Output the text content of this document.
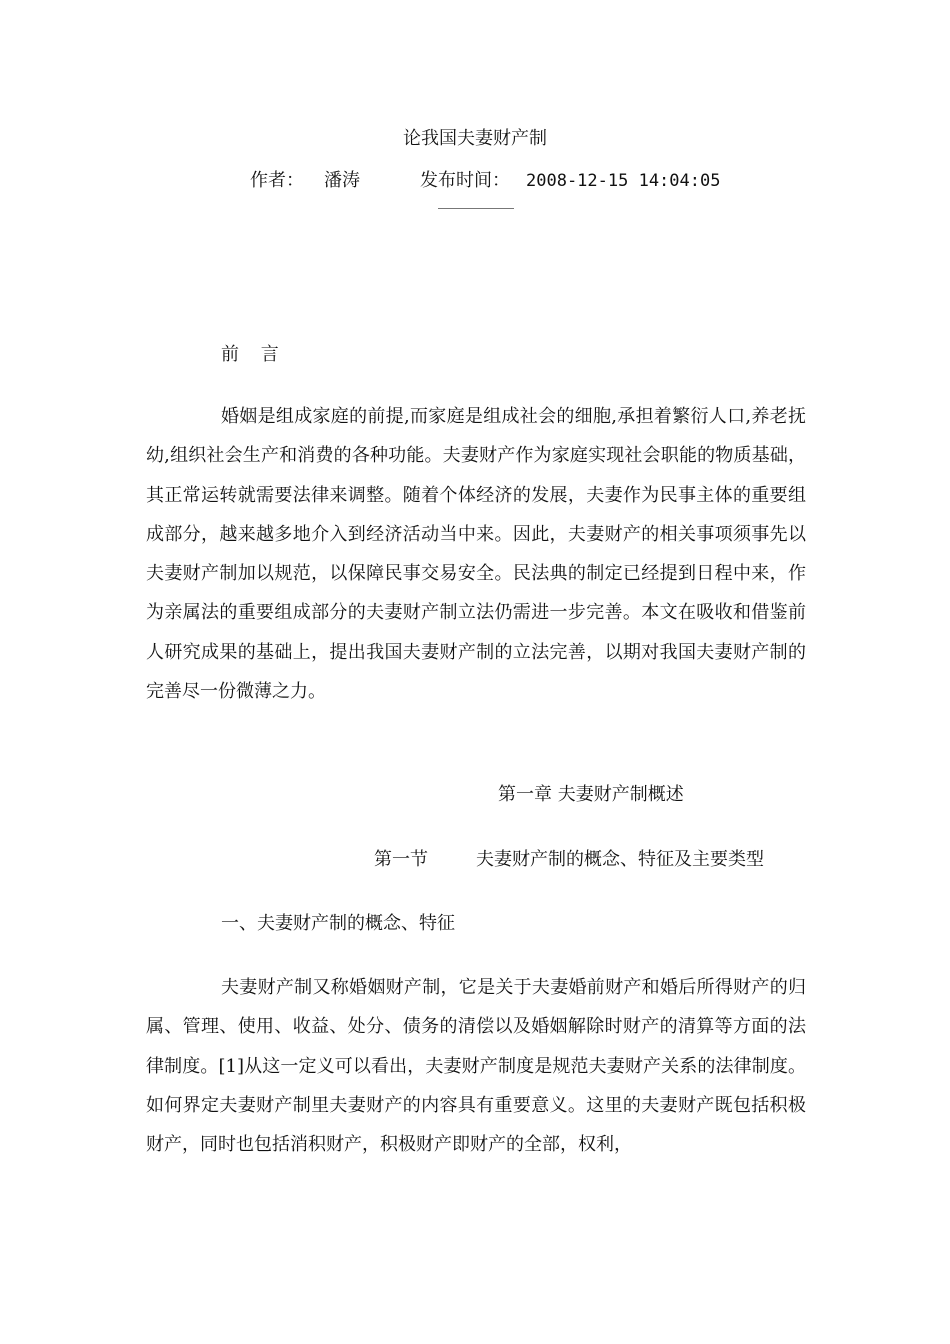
论我国夫妻财产制
作者： 潘涛	发布时间： 2008-12-15 14:04:05
前 言

婚姻是组成家庭的前提,而家庭是组成社会的细胞,承担着繁衍人口,养老抚幼,组织社会生产和消费的各种功能。夫妻财产作为家庭实现社会职能的物质基础，其正常运转就需要法律来调整。随着个体经济的发展，夫妻作为民事主体的重要组成部分，越来越多地介入到经济活动当中来。因此，夫妻财产的相关事项须事先以夫妻财产制加以规范，以保障民事交易安全。民法典的制定已经提到日程中来，作为亲属法的重要组成部分的夫妻财产制立法仍需进一步完善。本文在吸收和借鉴前人研究成果的基础上，提出我国夫妻财产制的立法完善，以期对我国夫妻财产制的完善尽一份微薄之力。

第一章 夫妻财产制概述
第一节	夫妻财产制的概念、特征及主要类型
一、夫妻财产制的概念、特征

夫妻财产制又称婚姻财产制，它是关于夫妻婚前财产和婚后所得财产的归属、管理、使用、收益、处分、债务的清偿以及婚姻解除时财产的清算等方面的法律制度。[1]从这一定义可以看出，夫妻财产制度是规范夫妻财产关系的法律制度。如何界定夫妻财产制里夫妻财产的内容具有重要意义。这里的夫妻财产既包括积极财产，同时也包括消积财产，积极财产即财产的全部，权利，
